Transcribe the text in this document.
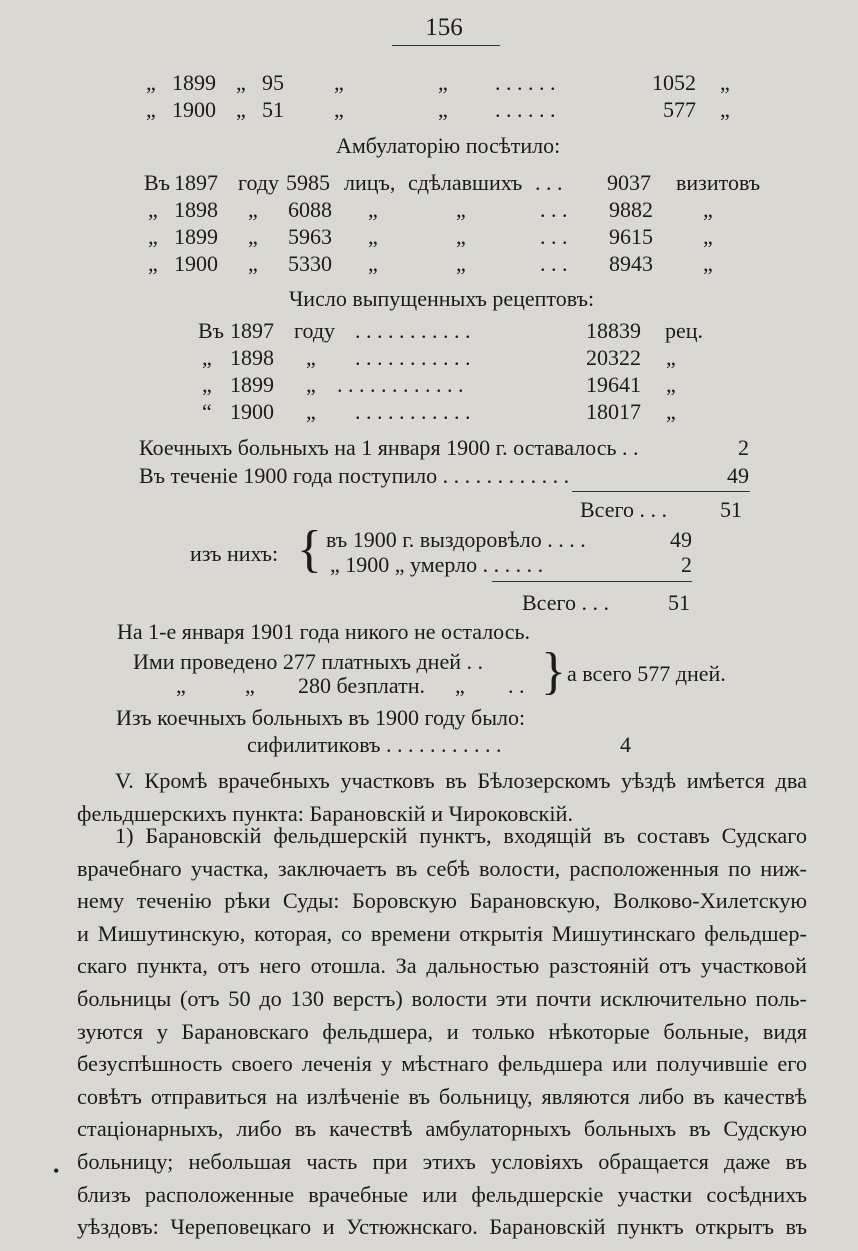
156
„ 1899 „ 95 „	„ . . . . . .	1052 „
„ 1900 „ 51 „	„ . . . . . .	577 „
Амбулаторію посѣтило:
Въ 1897 году 5985 лицъ, сдѣлавшихъ . . . 9037 визитовъ
„ 1898 „ 6088 „	„	. . . 9882 „
„ 1899 „ 5963 „	„	. . . 9615 „
„ 1900 „ 5330 „	„	. . . 8943 „
Число выпущенныхъ рецептовъ:
Въ 1897 году . . . . . . . . . . .	18839 рец.
„ 1898 „ . . . . . . . . . . .	20322 „
„ 1899 „ . . . . . . . . . . . .	19641 „
“ 1900 „ . . . . . . . . . . .	18017 „
Коечныхъ больныхъ на 1 января 1900 г. оставалось . .	2
Въ теченіе 1900 года поступило . . . . . . . . . . . .	49
Всего . . .	51
изъ нихъ: { въ 1900 г. выздоровѣло . . . .	49
„ 1900 „ умерло . . . . . .	2
Всего . . .	51
На 1-е января 1901 года никого не осталось.
Ими проведено 277 платныхъ дней . .
„	„ 280 безплатн. „ . . } а всего 577 дней.
Изъ коечныхъ больныхъ въ 1900 году было:
сифилитиковъ . . . . . . . . . . .	4
V. Кромѣ врачебныхъ участковъ въ Бѣлозерскомъ уѣздѣ имѣется два
фельдшерскихъ пункта: Барановскій и Чироковскій.
1) Барановскій фельдшерскій пунктъ, входящій въ составъ Судскаго
врачебнаго участка, заключаетъ въ себѣ волости, расположенныя по ниж-
нему теченію рѣки Суды: Боровскую Барановскую, Волково-Хилетскую
и Мишутинскую, которая, со времени открытія Мишутинскаго фельдшер-
скаго пункта, отъ него отошла. За дальностью разстояній отъ участковой
больницы (отъ 50 до 130 верстъ) волости эти почти исключительно поль-
зуются у Барановскаго фельдшера, и только нѣкоторые больные, видя
безуспѣшность своего леченія у мѣстнаго фельдшера или получившіе его
совѣтъ отправиться на излѣченіе въ больницу, являются либо въ качествѣ
стаціонарныхъ, либо въ качествѣ амбулаторныхъ больныхъ въ Судскую
больницу; небольшая часть при этихъ условіяхъ обращается даже въ
близъ расположенные врачебные или фельдшерскіе участки сосѣднихъ
уѣздовъ: Череповецкаго и Устюжнскаго. Барановскій пунктъ открытъ въ
•
